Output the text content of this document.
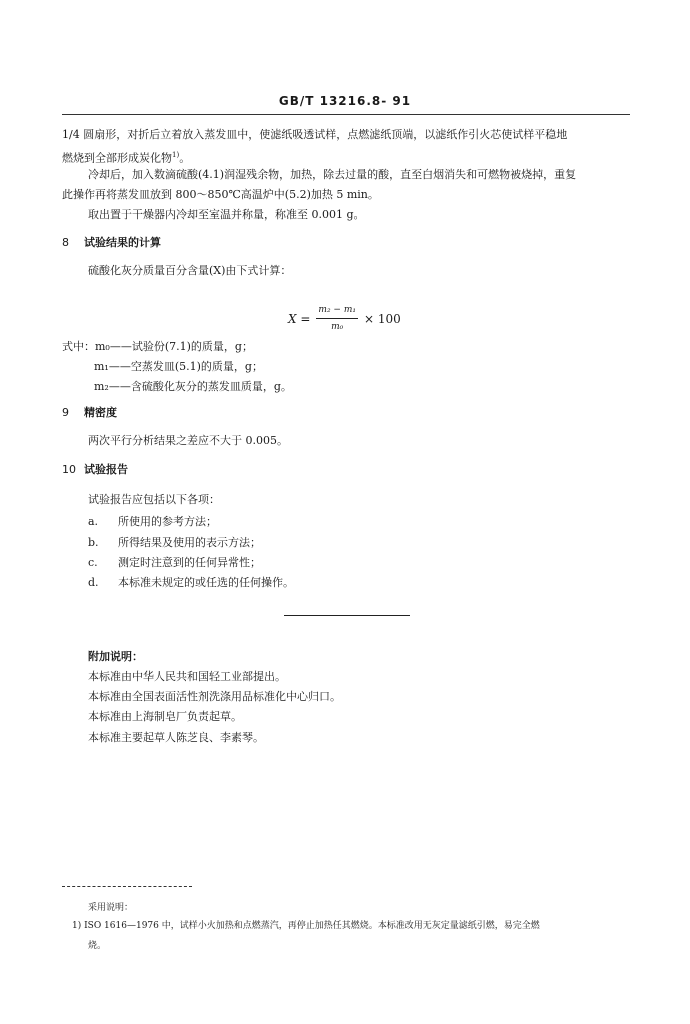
GB/T 13216.8- 91
1/4 圆扇形，对折后立着放入蒸发皿中，使滤纸吸透试样，点燃滤纸顶端，以滤纸作引火芯使试样平稳地
燃烧到全部形成炭化物$^{1)}$。
冷却后，加入数滴硫酸(4.1)润湿残余物，加热，除去过量的酸，直至白烟消失和可燃物被烧掉，重复
此操作再将蒸发皿放到 800～850℃高温炉中(5.2)加热 5 min。
取出置于干燥器内冷却至室温并称量，称准至 0.001 g。
8 试验结果的计算
硫酸化灰分质量百分含量(X)由下式计算：
$X = \frac{\text{m₂ − m₁}}{\text{m₀}} \times 100$
式中：m₀——试验份(7.1)的质量，g；
m₁——空蒸发皿(5.1)的质量，g；
m₂——含硫酸化灰分的蒸发皿质量，g。
9 精密度
两次平行分析结果之差应不大于 0.005。
10 试验报告
试验报告应包括以下各项：
a. 所使用的参考方法；
b. 所得结果及使用的表示方法；
c. 测定时注意到的任何异常性；
d. 本标准未规定的或任选的任何操作。
附加说明：
本标准由中华人民共和国轻工业部提出。
本标准由全国表面活性剂洗涤用品标准化中心归口。
本标准由上海制皂厂负责起草。
本标准主要起草人陈芝良、李素琴。
采用说明：
1) ISO 1616—1976 中，试样小火加热和点燃蒸汽，再停止加热任其燃烧。本标准改用无灰定量滤纸引燃，易完全燃
烧。
